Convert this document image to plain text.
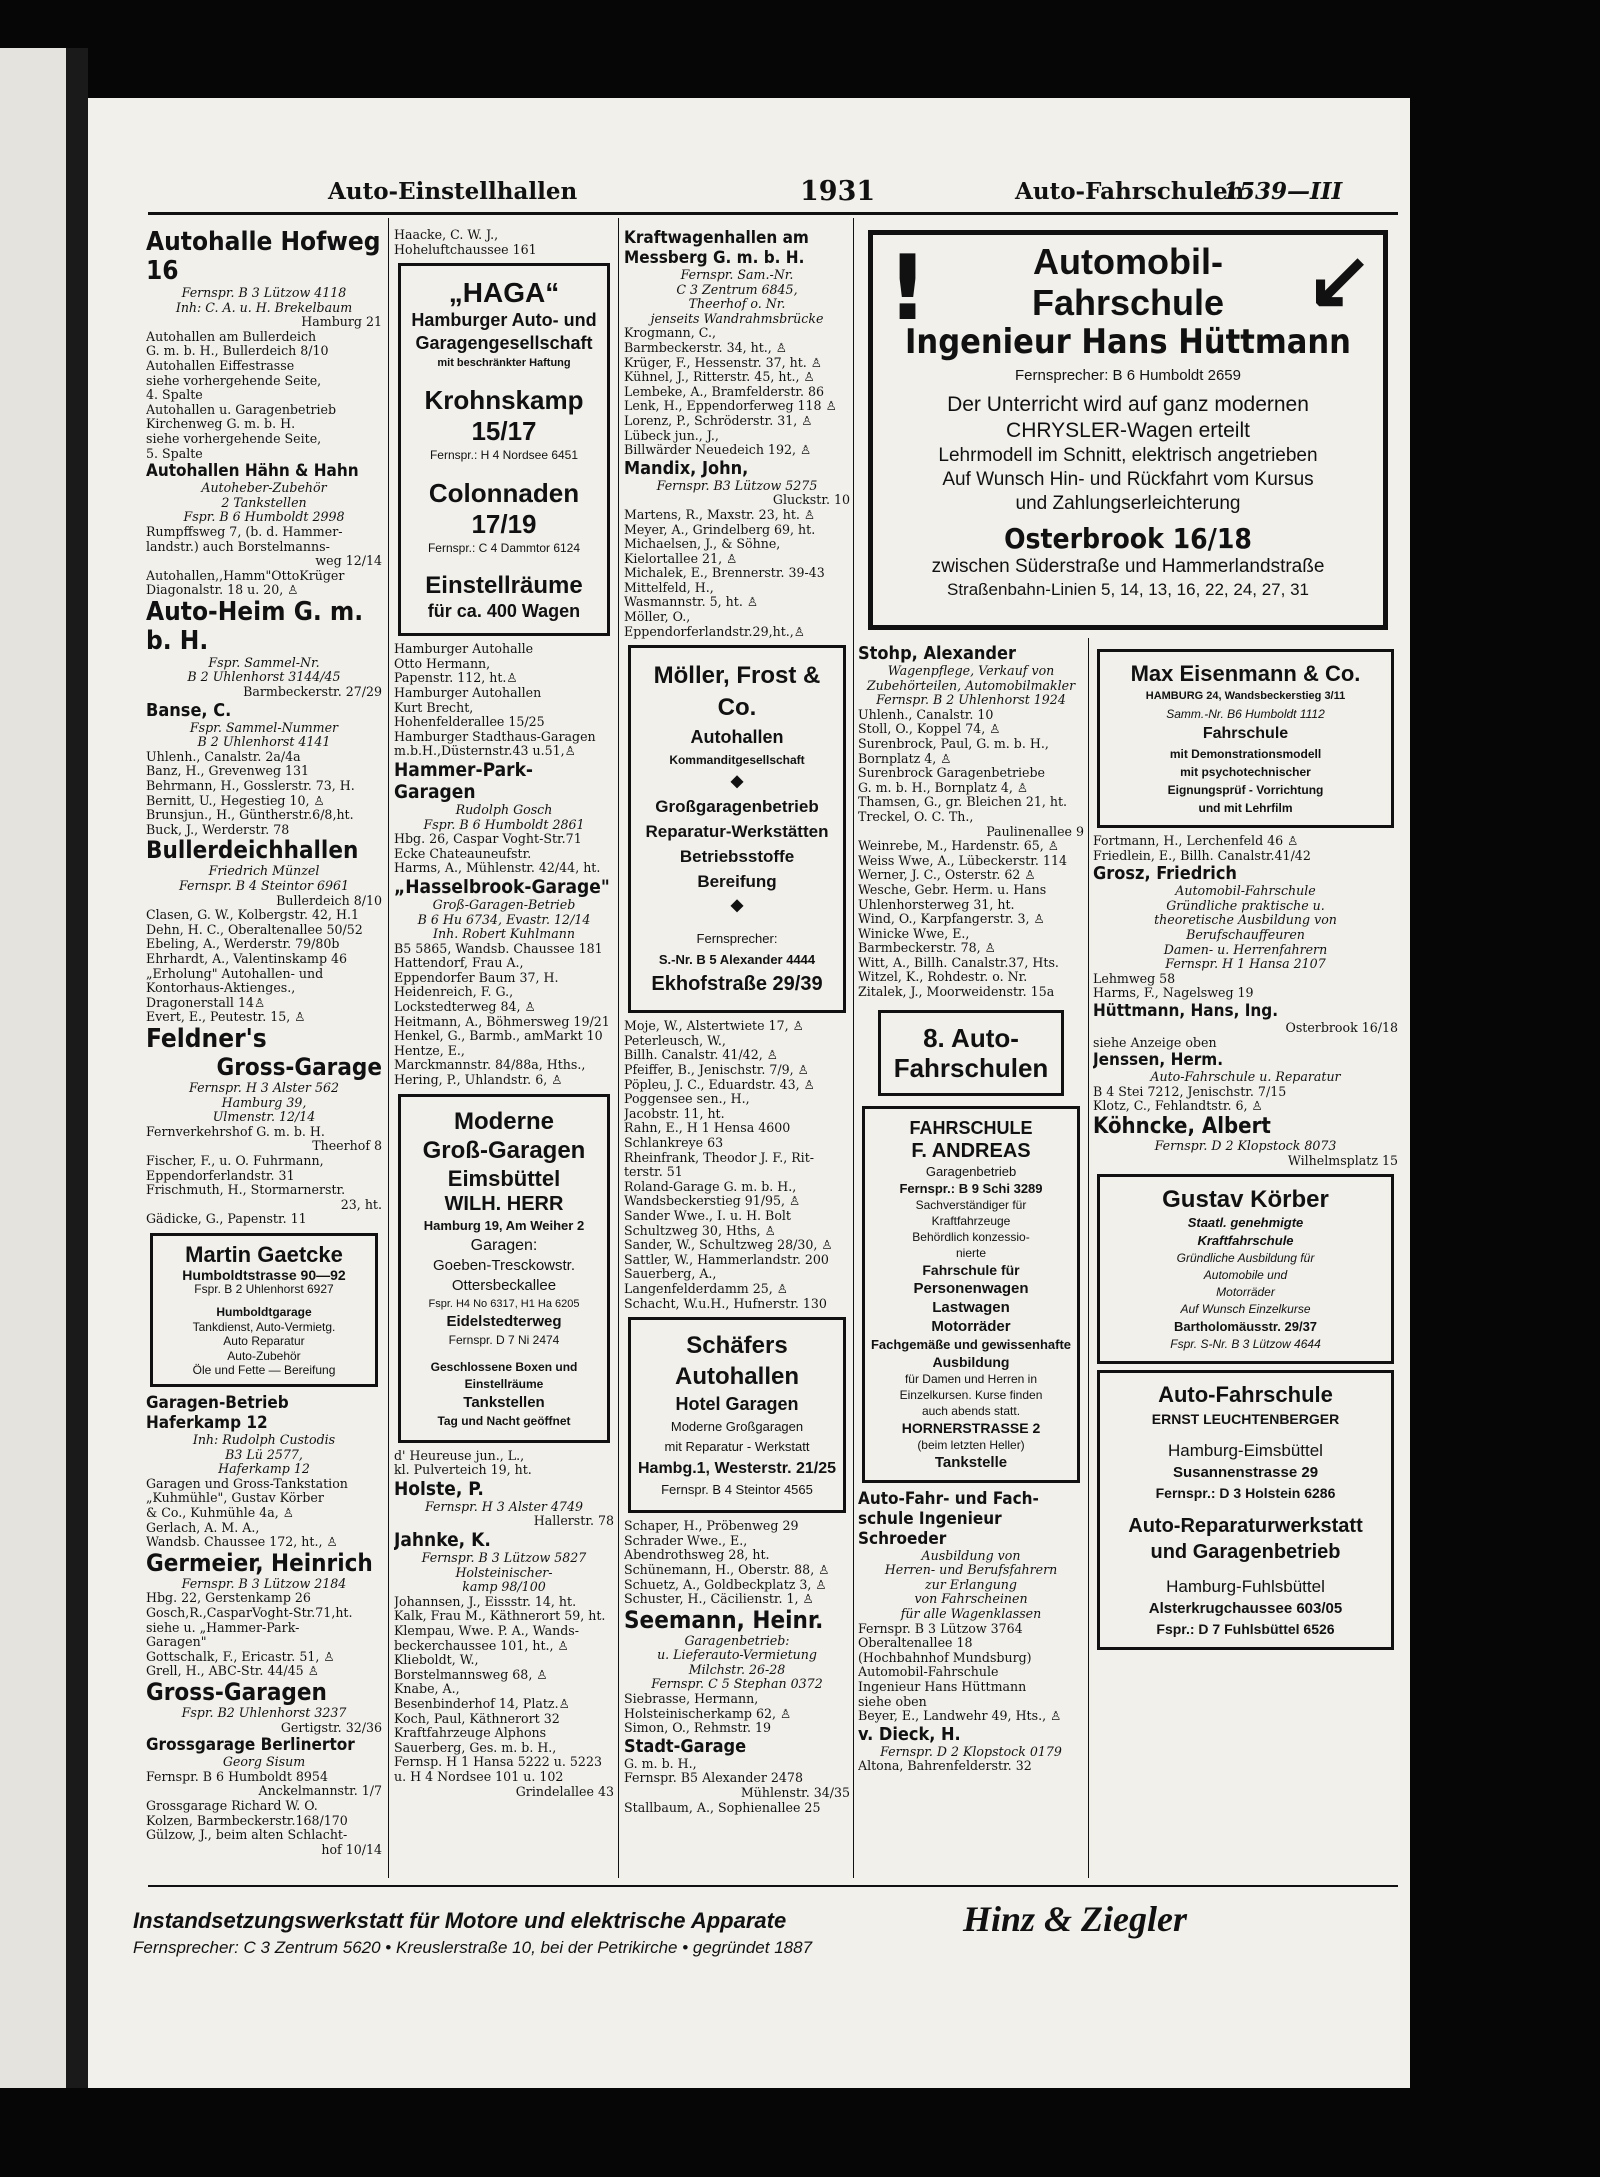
Auto-Einstellhallen	1931	Auto-Fahrschulen
1539—III
Autohalle Hofweg 16
Fernspr. B 3 Lützow 4118
Inh: C. A. u. H. Brekelbaum
Hamburg 21
Autohallen am Bullerdeich
G. m. b. H., Bullerdeich 8/10
Autohallen Eiffestrasse
siehe vorhergehende Seite,
4. Spalte
Autohallen u. Garagenbetrieb
Kirchenweg G. m. b. H.
siehe vorhergehende Seite,
5. Spalte
Autohallen Hähn & Hahn
Autoheber-Zubehör
2 Tankstellen
Fspr. B 6 Humboldt 2998
Rumpffsweg 7, (b. d. Hammer-
landstr.) auch Borstelmanns-
weg 12/14
Autohallen,,Hamm"OttoKrüger
Diagonalstr. 18 u. 20, ♙
Auto-Heim G. m. b. H.
Fspr. Sammel-Nr.
B 2 Uhlenhorst 3144/45
Barmbeckerstr. 27/29
Banse, C.
Fspr. Sammel-Nummer
B 2 Uhlenhorst 4141
Uhlenh., Canalstr. 2a/4a
Banz, H., Grevenweg 131
Behrmann, H., Gosslerstr. 73, H.
Bernitt, U., Hegestieg 10, ♙
Brunsjun., H., Güntherstr.6/8,ht.
Buck, J., Werderstr. 78
Bullerdeichhallen
Friedrich Münzel
Fernspr. B 4 Steintor 6961
Bullerdeich 8/10
Clasen, G. W., Kolbergstr. 42, H.1
Dehn, H. C., Oberaltenallee 50/52
Ebeling, A., Werderstr. 79/80b
Ehrhardt, A., Valentinskamp 46
„Erholung" Autohallen- und
Kontorhaus-Aktienges.,
Dragonerstall 14♙
Evert, E., Peutestr. 15, ♙
Feldner's
Gross-Garage
Fernspr. H 3 Alster 562
Hamburg 39,
Ulmenstr. 12/14
Fernverkehrshof G. m. b. H.
Theerhof 8
Fischer, F., u. O. Fuhrmann,
Eppendorferlandstr. 31
Frischmuth, H., Stormarnerstr.
23, ht.
Gädicke, G., Papenstr. 11
Martin Gaetcke
Humboldtstrasse 90—92
Fspr. B 2 Uhlenhorst 6927
Humboldtgarage
Tankdienst, Auto-Vermietg.
Auto Reparatur
Auto-Zubehör
Öle und Fette — Bereifung
Garagen-Betrieb Haferkamp 12
Inh: Rudolph Custodis
B3 Lü 2577,
Haferkamp 12
Garagen und Gross-Tankstation
„Kuhmühle", Gustav Körber
& Co., Kuhmühle 4a, ♙
Gerlach, A. M. A.,
Wandsb. Chaussee 172, ht., ♙
Germeier, Heinrich
Fernspr. B 3 Lützow 2184
Hbg. 22, Gerstenkamp 26
Gosch,R.,CasparVoght-Str.71,ht.
siehe u. „Hammer-Park-
Garagen"
Gottschalk, F., Ericastr. 51, ♙
Grell, H., ABC-Str. 44/45 ♙
Gross-Garagen
Fspr. B2 Uhlenhorst 3237
Gertigstr. 32/36
Grossgarage Berlinertor
Georg Sisum
Fernspr. B 6 Humboldt 8954
Anckelmannstr. 1/7
Grossgarage Richard W. O.
Kolzen, Barmbeckerstr.168/170
Gülzow, J., beim alten Schlacht-
hof 10/14
Haacke, C. W. J.,
Hoheluftchaussee 161
„HAGA“
Hamburger Auto- und
Garagengesellschaft
mit beschränkter Haftung
Krohnskamp 15/17
Fernspr.: H 4 Nordsee 6451
Colonnaden 17/19
Fernspr.: C 4 Dammtor 6124
Einstellräume
für ca. 400 Wagen
Hamburger Autohalle
Otto Hermann,
Papenstr. 112, ht.♙
Hamburger Autohallen
Kurt Brecht,
Hohenfelderallee 15/25
Hamburger Stadthaus-Garagen
m.b.H.,Düsternstr.43 u.51,♙
Hammer-Park-Garagen
Rudolph Gosch
Fspr. B 6 Humboldt 2861
Hbg. 26, Caspar Voght-Str.71
Ecke Chateauneufstr.
Harms, A., Mühlenstr. 42/44, ht.
„Hasselbrook-Garage"
Groß-Garagen-Betrieb
B 6 Hu 6734, Evastr. 12/14
Inh. Robert Kuhlmann
B5 5865, Wandsb. Chaussee 181
Hattendorf, Frau A.,
Eppendorfer Baum 37, H.
Heidenreich, F. G.,
Lockstedterweg 84, ♙
Heitmann, A., Böhmersweg 19/21
Henkel, G., Barmb., amMarkt 10
Hentze, E.,
Marckmannstr. 84/88a, Hths.,
Hering, P., Uhlandstr. 6, ♙
Moderne
Groß-Garagen
Eimsbüttel
WILH. HERR
Hamburg 19, Am Weiher 2
Garagen:
Goeben-Tresckowstr.
Ottersbeckallee
Fspr. H4 No 6317, H1 Ha 6205
Eidelstedterweg
Fernspr. D 7 Ni 2474
Geschlossene Boxen und
Einstellräume
Tankstellen
Tag und Nacht geöffnet
d' Heureuse jun., L.,
kl. Pulverteich 19, ht.
Holste, P.
Fernspr. H 3 Alster 4749
Hallerstr. 78
Jahnke, K.
Fernspr. B 3 Lützow 5827
Holsteinischer-
kamp 98/100
Johannsen, J., Eissstr. 14, ht.
Kalk, Frau M., Käthnerort 59, ht.
Klempau, Wwe. P. A., Wands-
beckerchaussee 101, ht., ♙
Klieboldt, W.,
Borstelmannsweg 68, ♙
Knabe, A.,
Besenbinderhof 14, Platz.♙
Koch, Paul, Käthnerort 32
Kraftfahrzeuge Alphons
Sauerberg, Ges. m. b. H.,
Fernsp. H 1 Hansa 5222 u. 5223
u. H 4 Nordsee 101 u. 102
Grindelallee 43
Kraftwagenhallen am Messberg G. m. b. H.
Fernspr. Sam.-Nr.
C 3 Zentrum 6845,
Theerhof o. Nr.
jenseits Wandrahmsbrücke
Krogmann, C.,
Barmbeckerstr. 34, ht., ♙
Krüger, F., Hessenstr. 37, ht. ♙
Kühnel, J., Ritterstr. 45, ht., ♙
Lembeke, A., Bramfelderstr. 86
Lenk, H., Eppendorferweg 118 ♙
Lorenz, P., Schröderstr. 31, ♙
Lübeck jun., J.,
Billwärder Neuedeich 192, ♙
Mandix, John,
Fernspr. B3 Lützow 5275
Gluckstr. 10
Martens, R., Maxstr. 23, ht. ♙
Meyer, A., Grindelberg 69, ht.
Michaelsen, J., & Söhne,
Kielortallee 21, ♙
Michalek, E., Brennerstr. 39-43
Mittelfeld, H.,
Wasmannstr. 5, ht. ♙
Möller, O.,
Eppendorferlandstr.29,ht.,♙
Möller, Frost & Co.
Autohallen
Kommanditgesellschaft
◆
Großgaragenbetrieb
Reparatur-Werkstätten
Betriebsstoffe
Bereifung
◆
Fernsprecher:
S.-Nr. B 5 Alexander 4444
Ekhofstraße 29/39
Moje, W., Alstertwiete 17, ♙
Peterleusch, W.,
Billh. Canalstr. 41/42, ♙
Pfeiffer, B., Jenischstr. 7/9, ♙
Pöpleu, J. C., Eduardstr. 43, ♙
Poggensee sen., H.,
Jacobstr. 11, ht.
Rahn, E., H 1 Hensa 4600
Schlankreye 63
Rheinfrank, Theodor J. F., Rit-
terstr. 51
Roland-Garage G. m. b. H.,
Wandsbeckerstieg 91/95, ♙
Sander Wwe., I. u. H. Bolt
Schultzweg 30, Hths, ♙
Sander, W., Schultzweg 28/30, ♙
Sattler, W., Hammerlandstr. 200
Sauerberg, A.,
Langenfelderdamm 25, ♙
Schacht, W.u.H., Hufnerstr. 130
Schäfers Autohallen
Hotel Garagen
Moderne Großgaragen
mit Reparatur - Werkstatt
Hambg.1, Westerstr. 21/25
Fernspr. B 4 Steintor 4565
Schaper, H., Pröbenweg 29
Schrader Wwe., E.,
Abendrothsweg 28, ht.
Schünemann, H., Oberstr. 88, ♙
Schuetz, A., Goldbeckplatz 3, ♙
Schuster, H., Cäcilienstr. 1, ♙
Seemann, Heinr.
Garagenbetrieb:
u. Lieferauto-Vermietung
Milchstr. 26-28
Fernspr. C 5 Stephan 0372
Siebrasse, Hermann,
Holsteinischerkamp 62, ♙
Simon, O., Rehmstr. 19
Stadt-Garage
G. m. b. H.,
Fernspr. B5 Alexander 2478
Mühlenstr. 34/35
Stallbaum, A., Sophienallee 25
Automobil-
Fahrschule
Ingenieur Hans Hüttmann
Fernsprecher: B 6 Humboldt 2659
Der Unterricht wird auf ganz modernen
CHRYSLER-Wagen erteilt
Lehrmodell im Schnitt, elektrisch angetrieben
Auf Wunsch Hin- und Rückfahrt vom Kursus
und Zahlungserleichterung
Osterbrook 16/18
zwischen Süderstraße und Hammerlandstraße
Straßenbahn-Linien 5, 14, 13, 16, 22, 24, 27, 31
↙
!
Stohp, Alexander
Wagenpflege, Verkauf von
Zubehörteilen, Automobilmakler
Fernspr. B 2 Uhlenhorst 1924
Uhlenh., Canalstr. 10
Stoll, O., Koppel 74, ♙
Surenbrock, Paul, G. m. b. H.,
Bornplatz 4, ♙
Surenbrock Garagenbetriebe
G. m. b. H., Bornplatz 4, ♙
Thamsen, G., gr. Bleichen 21, ht.
Treckel, O. C. Th.,
Paulinenallee 9
Weinrebe, M., Hardenstr. 65, ♙
Weiss Wwe, A., Lübeckerstr. 114
Werner, J. C., Osterstr. 62 ♙
Wesche, Gebr. Herm. u. Hans
Uhlenhorsterweg 31, ht.
Wind, O., Karpfangerstr. 3, ♙
Winicke Wwe, E.,
Barmbeckerstr. 78, ♙
Witt, A., Billh. Canalstr.37, Hts.
Witzel, K., Rohdestr. o. Nr.
Zitalek, J., Moorweidenstr. 15a
8. Auto-
Fahrschulen
FAHRSCHULE
F. ANDREAS
Garagenbetrieb
Fernspr.: B 9 Schi 3289
Sachverständiger für
Kraftfahrzeuge
Behördlich konzessio-
nierte
Fahrschule für
Personenwagen
Lastwagen
Motorräder
Fachgemäße und gewissenhafte
Ausbildung
für Damen und Herren in
Einzelkursen. Kurse finden
auch abends statt.
HORNERSTRASSE 2
(beim letzten Heller)
Tankstelle
Auto-Fahr- und Fach-schule Ingenieur Schroeder
Ausbildung von
Herren- und Berufsfahrern
zur Erlangung
von Fahrscheinen
für alle Wagenklassen
Fernspr. B 3 Lützow 3764
Oberaltenallee 18
(Hochbahnhof Mundsburg)
Automobil-Fahrschule
Ingenieur Hans Hüttmann
siehe oben
Beyer, E., Landwehr 49, Hts., ♙
v. Dieck, H.
Fernspr. D 2 Klopstock 0179
Altona, Bahrenfelderstr. 32
Max Eisenmann & Co.
HAMBURG 24, Wandsbeckerstieg 3/11
Samm.-Nr. B6 Humboldt 1112
Fahrschule
mit Demonstrationsmodell
mit psychotechnischer
Eignungsprüf - Vorrichtung
und mit Lehrfilm
Fortmann, H., Lerchenfeld 46 ♙
Friedlein, E., Billh. Canalstr.41/42
Grosz, Friedrich
Automobil-Fahrschule
Gründliche praktische u.
theoretische Ausbildung von
Berufschauffeuren
Damen- u. Herrenfahrern
Fernspr. H 1 Hansa 2107
Lehmweg 58
Harms, F., Nagelsweg 19
Hüttmann, Hans, Ing.
Osterbrook 16/18
siehe Anzeige oben
Jenssen, Herm.
Auto-Fahrschule u. Reparatur
B 4 Stei 7212, Jenischstr. 7/15
Klotz, C., Fehlandtstr. 6, ♙
Köhncke, Albert
Fernspr. D 2 Klopstock 8073
Wilhelmsplatz 15
Gustav Körber
Staatl. genehmigte
Kraftfahrschule
Gründliche Ausbildung für
Automobile und
Motorräder
Auf Wunsch Einzelkurse
Bartholomäusstr. 29/37
Fspr. S-Nr. B 3 Lützow 4644
Auto-Fahrschule
ERNST LEUCHTENBERGER
Hamburg-Eimsbüttel
Susannenstrasse 29
Fernspr.: D 3 Holstein 6286
Auto-Reparaturwerkstatt
und Garagenbetrieb
Hamburg-Fuhlsbüttel
Alsterkrugchaussee 603/05
Fspr.: D 7 Fuhlsbüttel 6526
Instandsetzungswerkstatt für Motore und elektrische Apparate	Hinz & Ziegler
Fernsprecher: C 3 Zentrum 5620 • Kreuslerstraße 10, bei der Petrikirche • gegründet 1887
